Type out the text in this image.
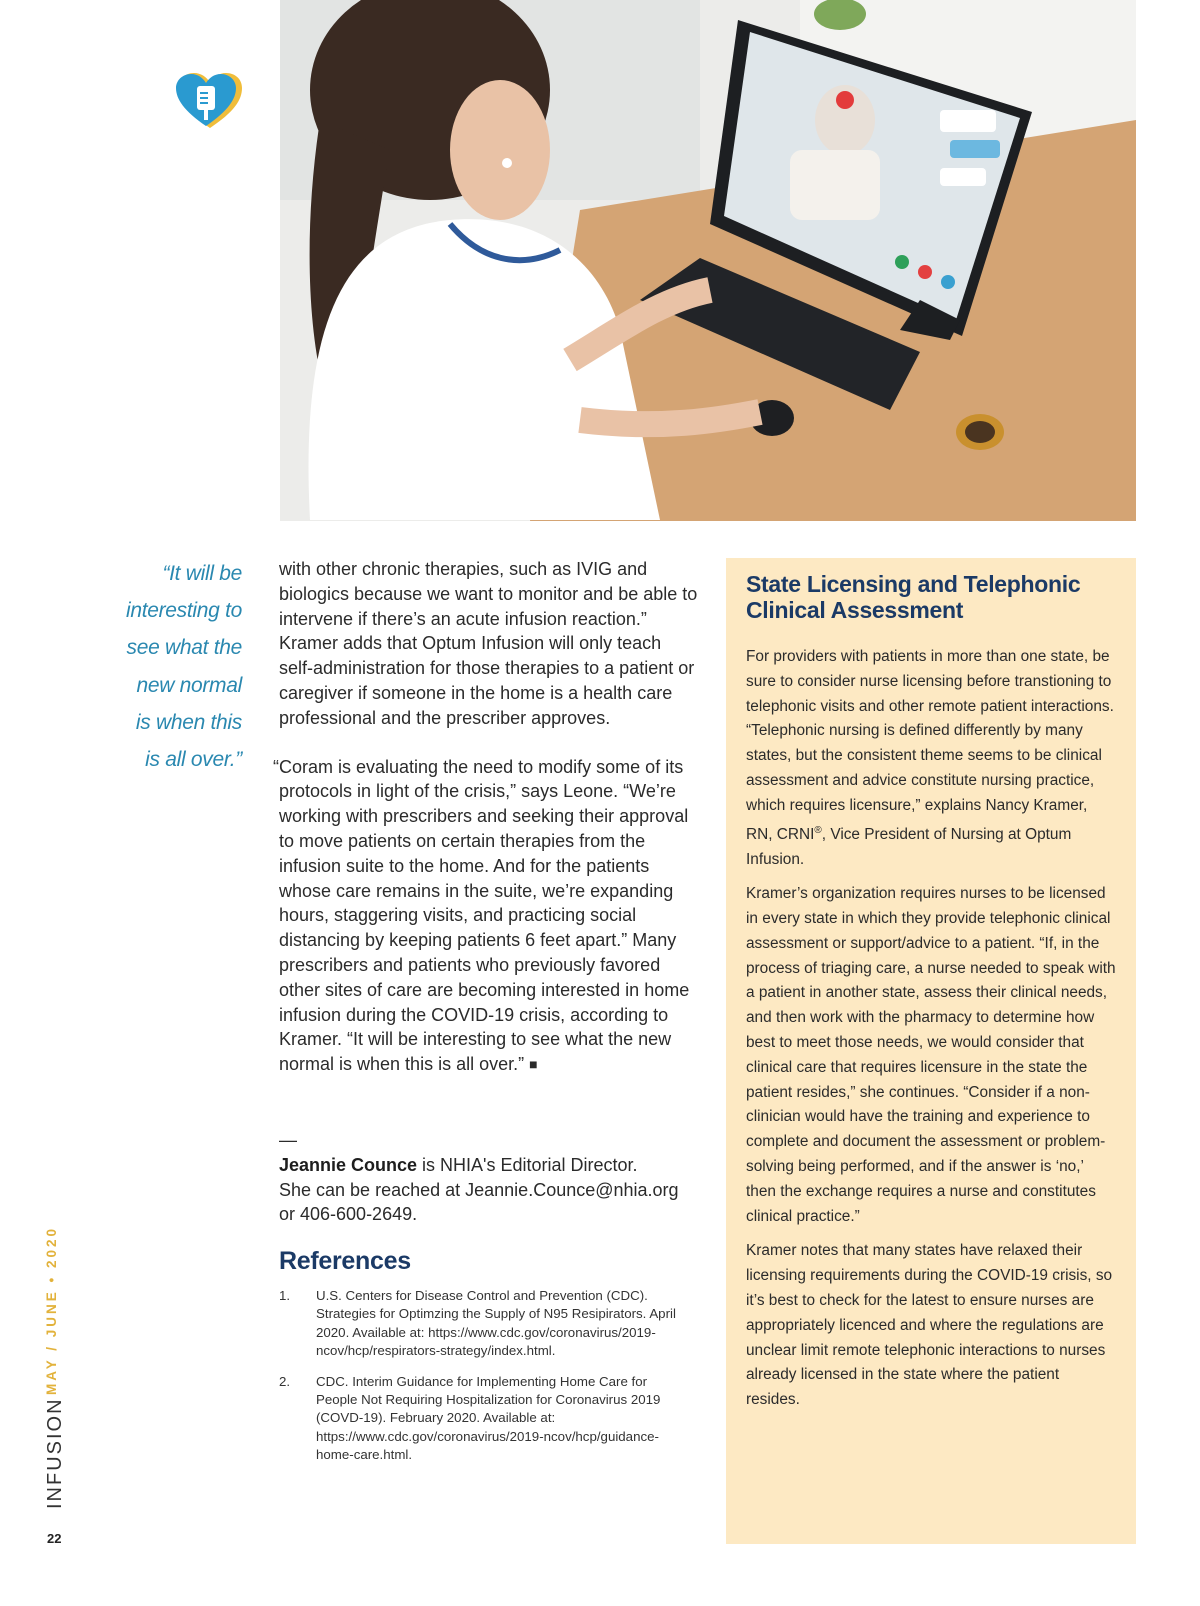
“It will be
interesting to
see what the
new normal
is when this
is all over.”

with other chronic therapies, such as IVIG and biologics because we want to monitor and be able to intervene if there’s an acute infusion reaction.” Kramer adds that Optum Infusion will only teach self-administration for those therapies to a patient or caregiver if someone in the home is a health care professional and the prescriber approves.

“Coram is evaluating the need to modify some of its protocols in light of the crisis,” says Leone. “We’re working with prescribers and seeking their approval to move patients on certain therapies from the infusion suite to the home. And for the patients whose care remains in the suite, we’re expanding hours, staggering visits, and practicing social distancing by keeping patients 6 feet apart.” Many prescribers and patients who previously favored other sites of care are becoming interested in home infusion during the COVID-19 crisis, according to Kramer. “It will be interesting to see what the new normal is when this is all over.” ■

—
Jeannie Counce is NHIA's Editorial Director.
She can be reached at Jeannie.Counce@nhia.org or 406-600-2649.
References
1. U.S. Centers for Disease Control and Prevention (CDC). Strategies for Optimzing the Supply of N95 Resipirators. April 2020. Available at: https://www.cdc.gov/coronavirus/2019-ncov/hcp/respirators-strategy/index.html.
2. CDC. Interim Guidance for Implementing Home Care for People Not Requiring Hospitalization for Coronavirus 2019 (COVD-19). February 2020. Available at: https://www.cdc.gov/coronavirus/2019-ncov/hcp/guidance-home-care.html.
State Licensing and Telephonic Clinical Assessment

For providers with patients in more than one state, be sure to consider nurse licensing before transtioning to telephonic visits and other remote patient interactions. “Telephonic nursing is defined differently by many states, but the consistent theme seems to be clinical assessment and advice constitute nursing practice, which requires licensure,” explains Nancy Kramer, RN, CRNI®, Vice President of Nursing at Optum Infusion.

Kramer’s organization requires nurses to be licensed in every state in which they provide telephonic clinical assessment or support/advice to a patient. “If, in the process of triaging care, a nurse needed to speak with a patient in another state, assess their clinical needs, and then work with the pharmacy to determine how best to meet those needs, we would consider that clinical care that requires licensure in the state the patient resides,” she continues. “Consider if a non-clinician would have the training and experience to complete and document the assessment or problem-solving being performed, and if the answer is ‘no,’ then the exchange requires a nurse and constitutes clinical practice.”

Kramer notes that many states have relaxed their licensing requirements during the COVID-19 crisis, so it’s best to check for the latest to ensure nurses are appropriately licenced and where the regulations are unclear limit remote telephonic interactions to nurses already licensed in the state where the patient resides.

MAY / JUNE • 2020
INFUSION
22
